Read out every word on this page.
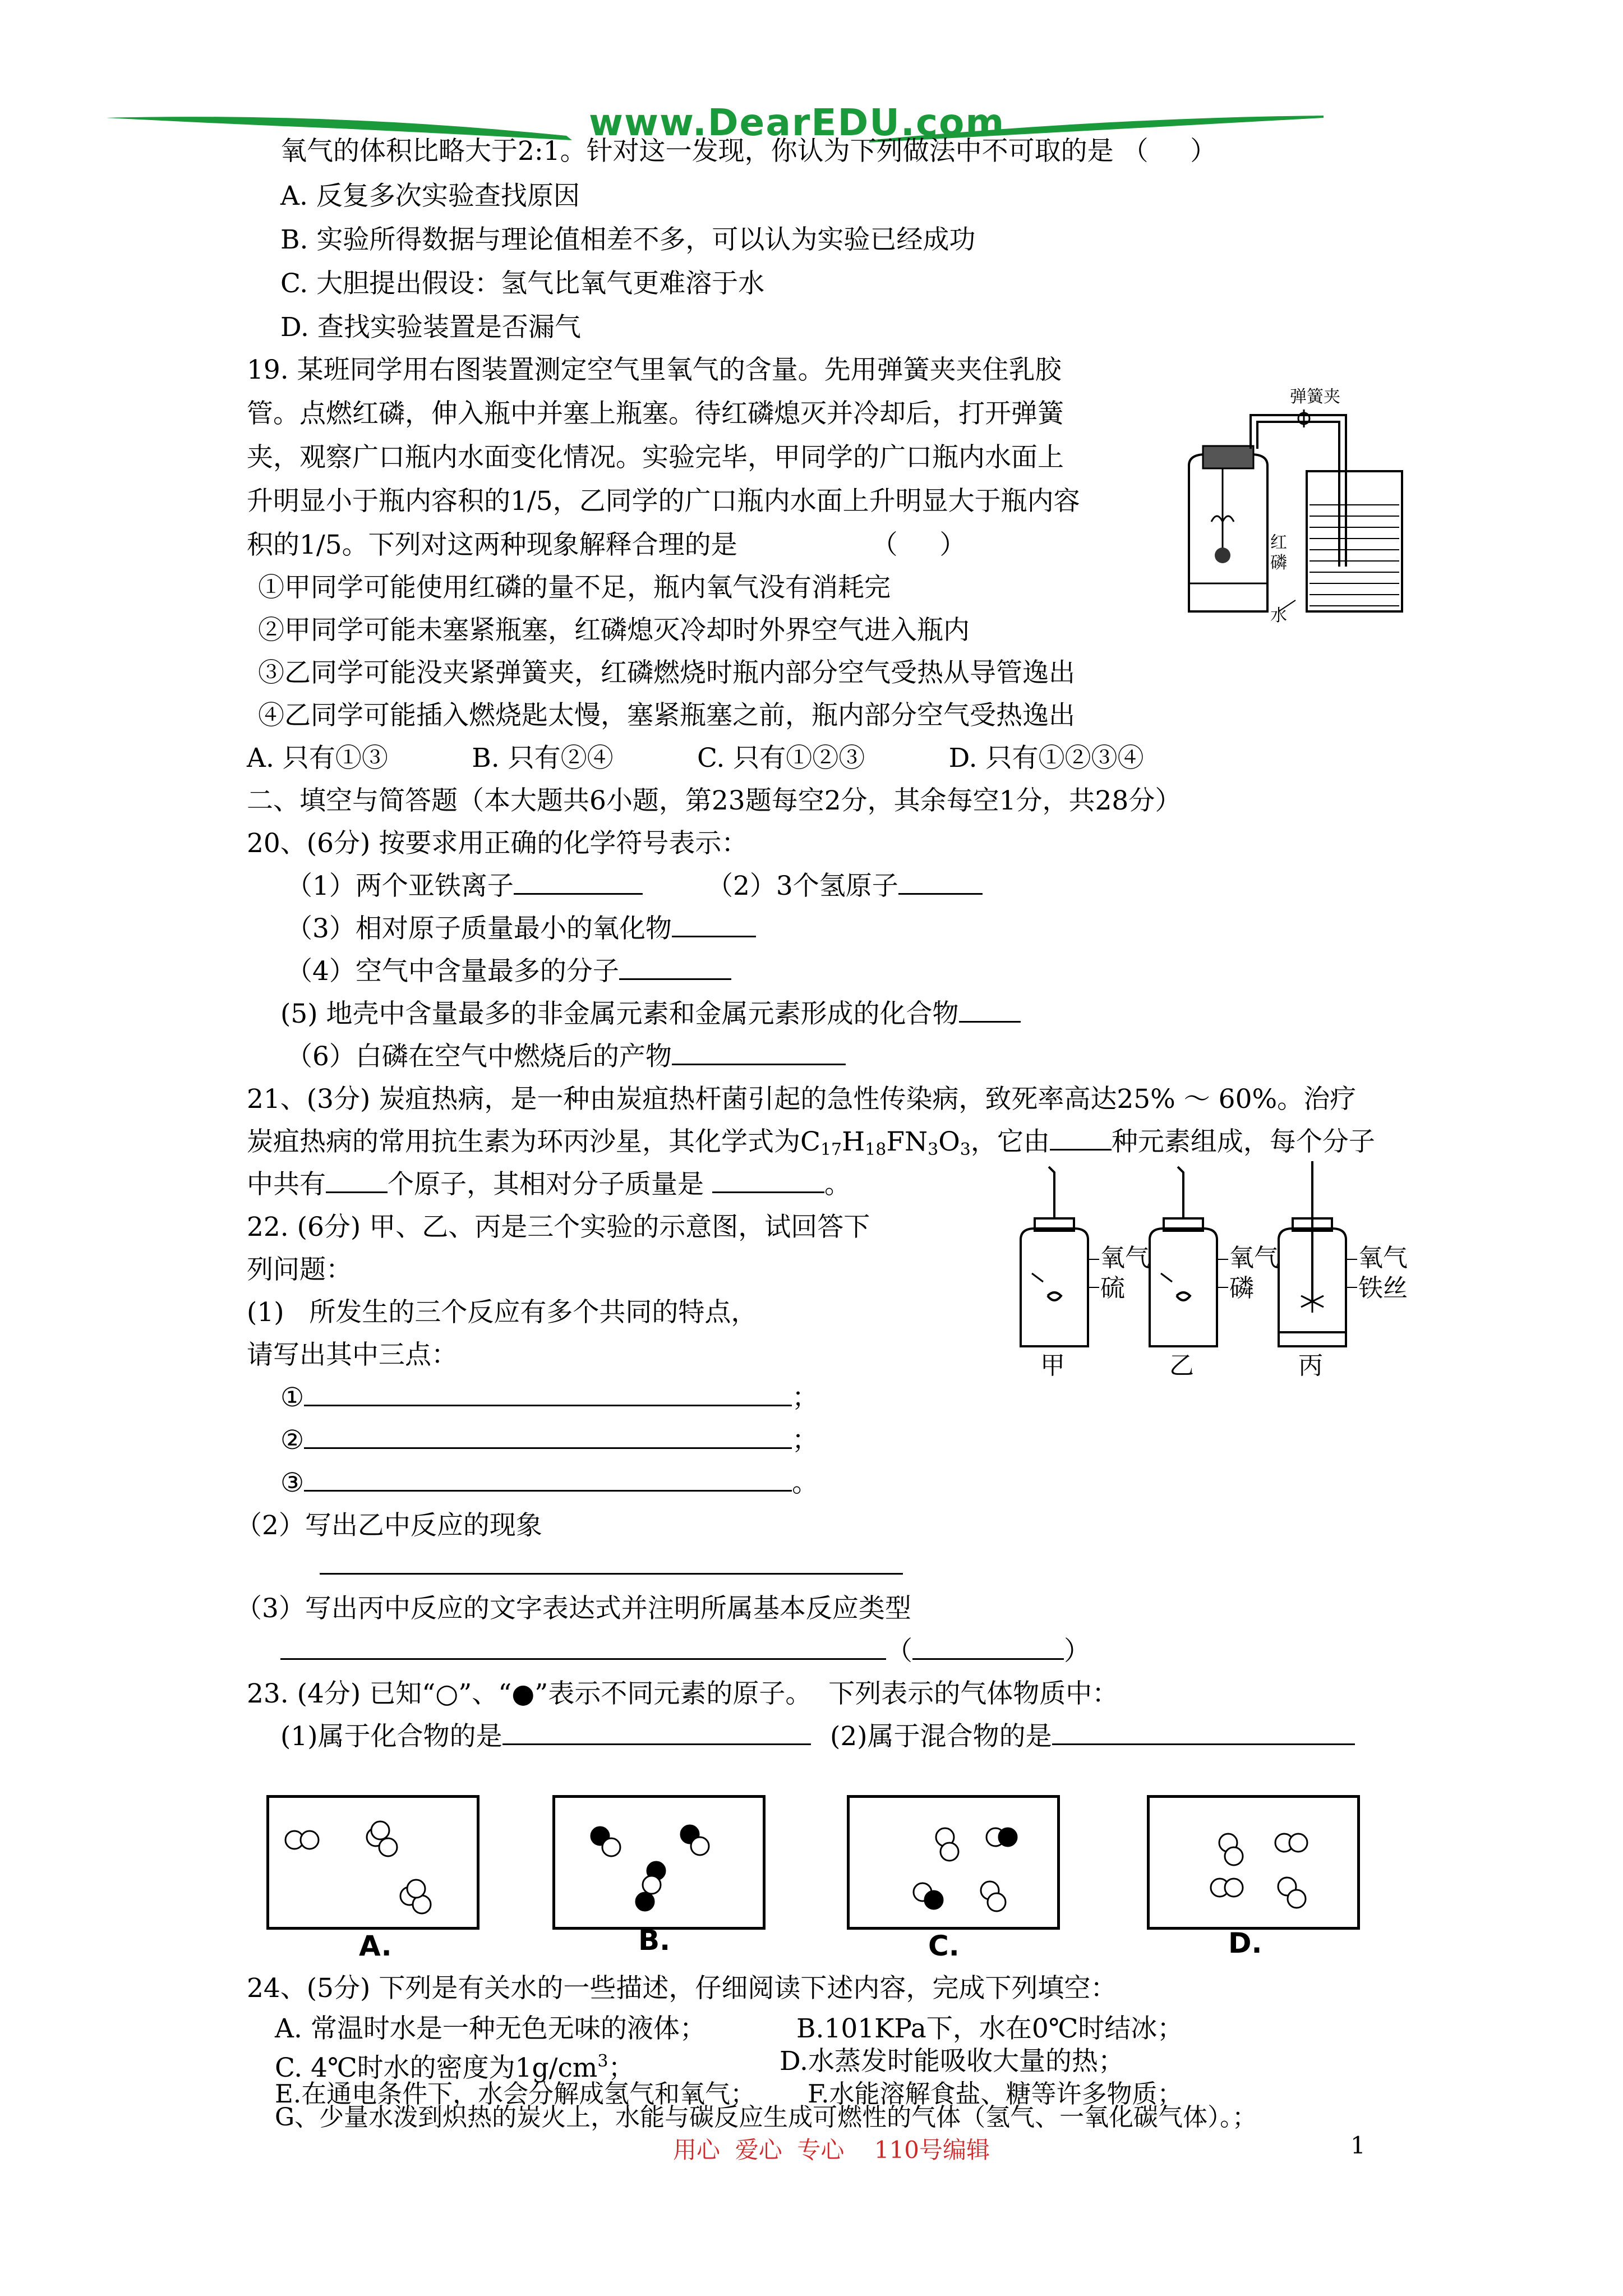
www.DearEDU.com
氧气的体积比略大于2:1。针对这一发现，你认为下列做法中不可取的是 （     ）
A. 反复多次实验查找原因
B. 实验所得数据与理论值相差不多，可以认为实验已经成功
C. 大胆提出假设：氢气比氧气更难溶于水
D. 查找实验装置是否漏气
19. 某班同学用右图装置测定空气里氧气的含量。先用弹簧夹夹住乳胶
管。点燃红磷，伸入瓶中并塞上瓶塞。待红磷熄灭并冷却后，打开弹簧
夹，观察广口瓶内水面变化情况。实验完毕，甲同学的广口瓶内水面上
升明显小于瓶内容积的1/5，乙同学的广口瓶内水面上升明显大于瓶内容
积的1/5。下列对这两种现象解释合理的是                （     ）
①甲同学可能使用红磷的量不足，瓶内氧气没有消耗完
②甲同学可能未塞紧瓶塞，红磷熄灭冷却时外界空气进入瓶内
③乙同学可能没夹紧弹簧夹，红磷燃烧时瓶内部分空气受热从导管逸出
④乙同学可能插入燃烧匙太慢，塞紧瓶塞之前，瓶内部分空气受热逸出
A. 只有①③          B. 只有②④          C. 只有①②③          D. 只有①②③④
弹簧夹
红磷
水
二、填空与简答题（本大题共6小题，第23题每空2分，其余每空1分，共28分）
20、(6分) 按要求用正确的化学符号表示：
（1）两个亚铁离子	（2）3个氢原子
（3）相对原子质量最小的氧化物
（4）空气中含量最多的分子
(5) 地壳中含量最多的非金属元素和金属元素形成的化合物
（6）白磷在空气中燃烧后的产物
21、(3分) 炭疽热病，是一种由炭疽热杆菌引起的急性传染病，致死率高达25% ～ 60%。治疗
炭疽热病的常用抗生素为环丙沙星，其化学式为$C_{17}H_{18}FN_3O_3$，它由 种元素组成，每个分子
中共有 个原子，其相对分子质量是	。
22. (6分) 甲、乙、丙是三个实验的示意图，试回答下
列问题：
(1)   所发生的三个反应有多个共同的特点，
请写出其中三点：
①	；
②	；
③	。
（2）写出乙中反应的现象
（3）写出丙中反应的文字表达式并注明所属基本反应类型
（	）
氧气
硫
氧气
磷
氧气
铁丝
甲	乙	丙
23. (4分) 已知“○”、“●”表示不同元素的原子。  下列表示的气体物质中：
(1)属于化合物的是	(2)属于混合物的是
A.	B.	C.	D.
24、(5分) 下列是有关水的一些描述，仔细阅读下述内容，完成下列填空：
A. 常温时水是一种无色无味的液体；	B.101KPa下，水在0℃时结冰；
C. 4℃时水的密度为$1g/cm^3$；	D.水蒸发时能吸收大量的热；
E.在通电条件下，水会分解成氢气和氧气； F.水能溶解食盐、糖等许多物质；
G、少量水泼到炽热的炭火上，水能与碳反应生成可燃性的气体（氢气、一氧化碳气体）。；
用心  爱心  专心    110号编辑	1
